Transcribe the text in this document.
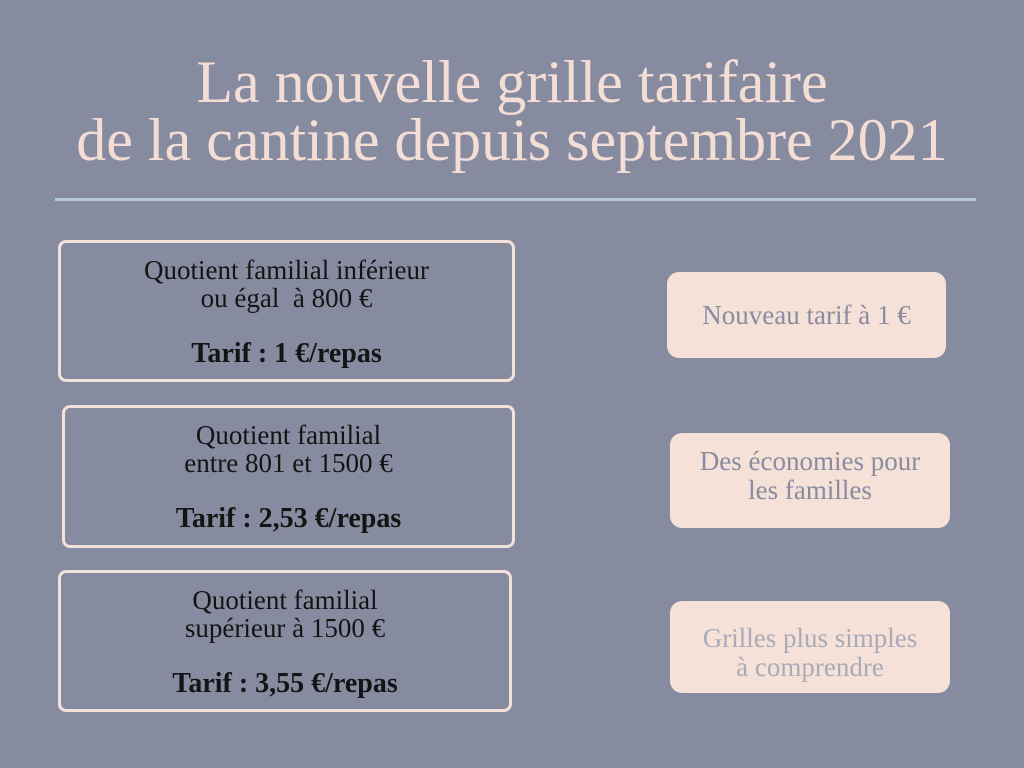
La nouvelle grille tarifaire
de la cantine depuis septembre 2021
Quotient familial inférieur
ou égal  à 800 €
Tarif : 1 €/repas
Quotient familial
entre 801 et 1500 €
Tarif : 2,53 €/repas
Quotient familial
supérieur à 1500 €
Tarif : 3,55 €/repas
Nouveau tarif à 1 €
Des économies pour
les familles
Grilles plus simples
à comprendre
